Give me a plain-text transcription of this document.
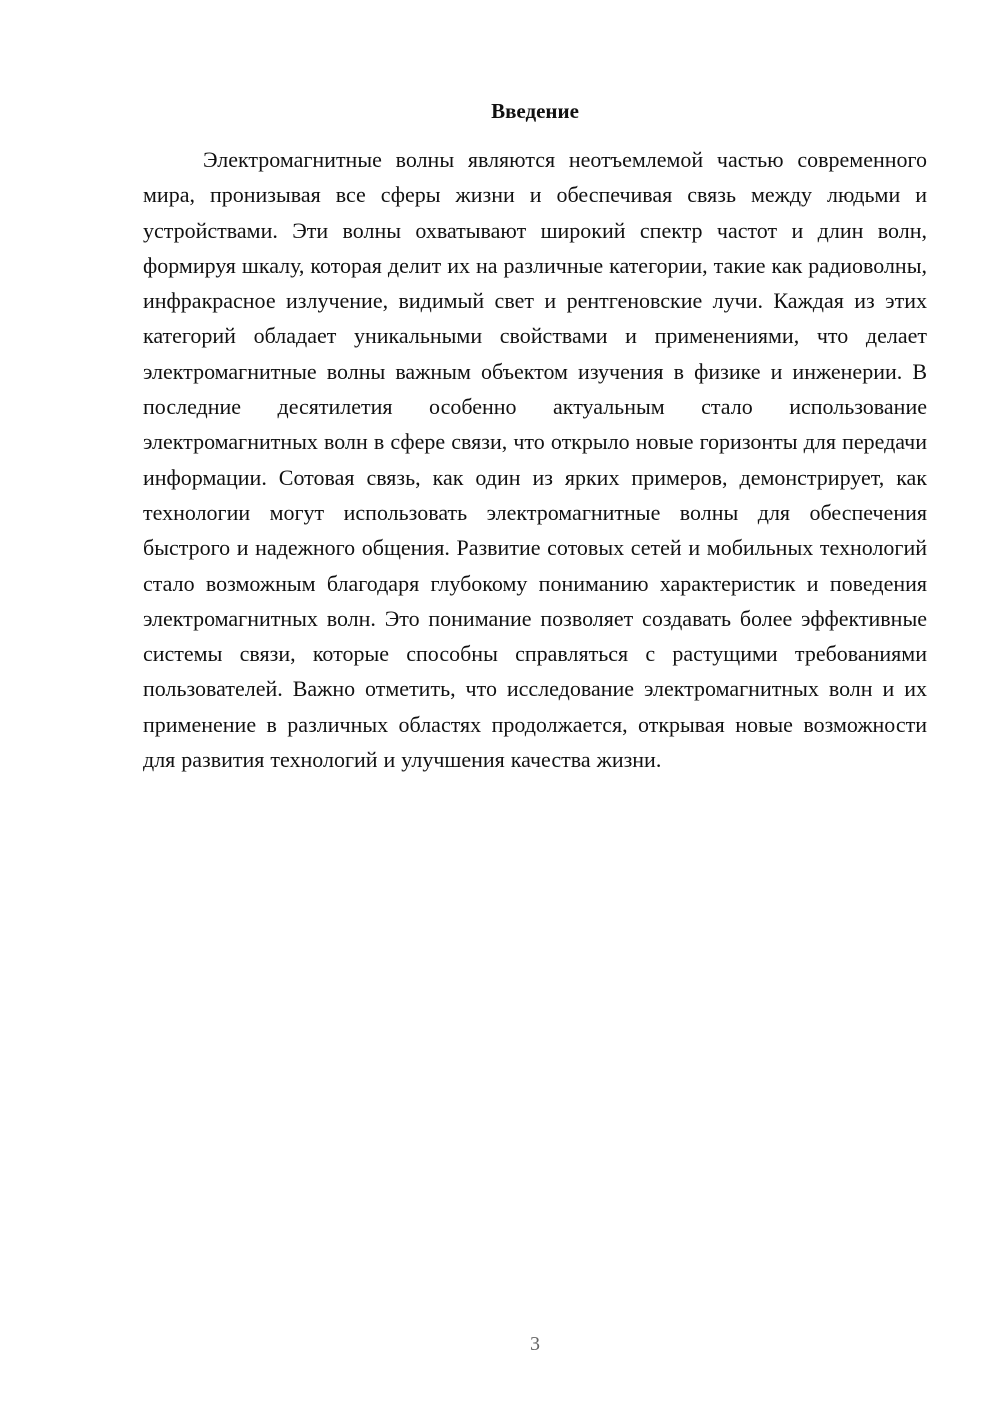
Введение

Электромагнитные волны являются неотъемлемой частью современного мира, пронизывая все сферы жизни и обеспечивая связь между людьми и устройствами. Эти волны охватывают широкий спектр частот и длин волн, формируя шкалу, которая делит их на различные категории, такие как радиоволны, инфракрасное излучение, видимый свет и рентгеновские лучи. Каждая из этих категорий обладает уникальными свойствами и применениями, что делает электромагнитные волны важным объектом изучения в физике и инженерии. В последние десятилетия особенно актуальным стало использование электромагнитных волн в сфере связи, что открыло новые горизонты для передачи информации. Сотовая связь, как один из ярких примеров, демонстрирует, как технологии могут использовать электромагнитные волны для обеспечения быстрого и надежного общения. Развитие сотовых сетей и мобильных технологий стало возможным благодаря глубокому пониманию характеристик и поведения электромагнитных волн. Это понимание позволяет создавать более эффективные системы связи, которые способны справляться с растущими требованиями пользователей. Важно отметить, что исследование электромагнитных волн и их применение в различных областях продолжается, открывая новые возможности для развития технологий и улучшения качества жизни.

3
